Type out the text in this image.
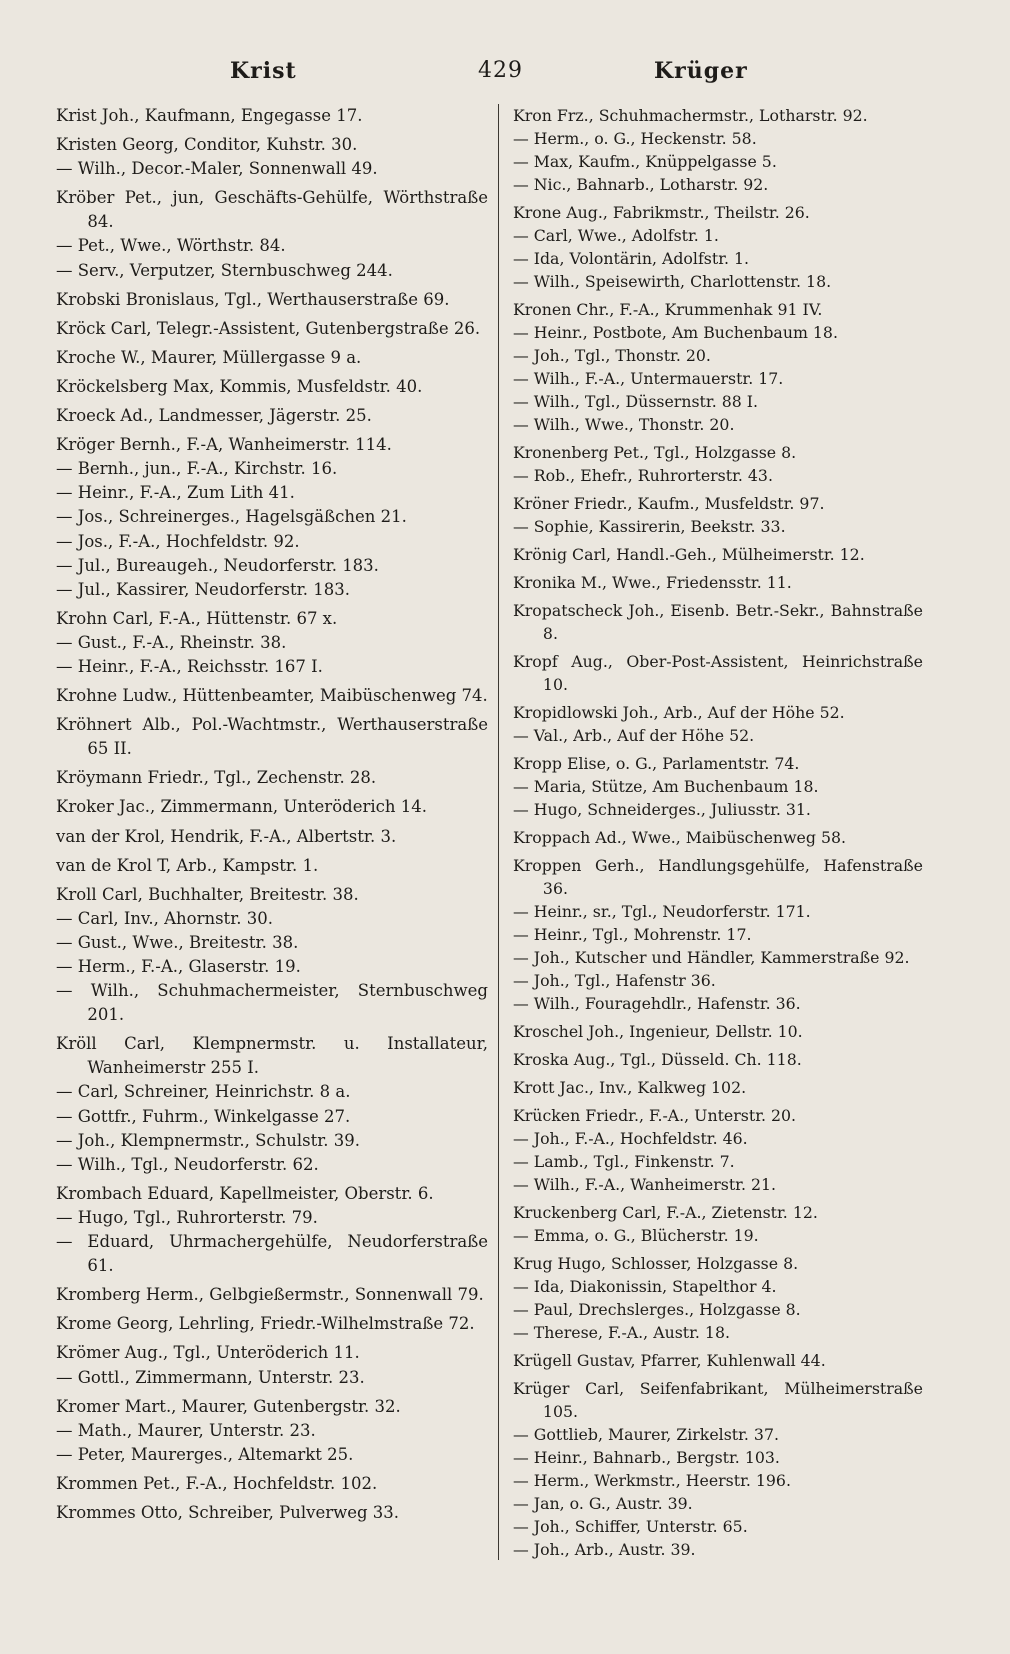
Krist	429	Krüger
Krist Joh., Kaufmann, Engegasse 17.
Kristen Georg, Conditor, Kuhstr. 30.
— Wilh., Decor.-Maler, Sonnenwall 49.
Kröber Pet., jun, Geschäfts-Gehülfe, Wörthstraße 84.
— Pet., Wwe., Wörthstr. 84.
— Serv., Verputzer, Sternbuschweg 244.
Krobski Bronislaus, Tgl., Werthauserstraße 69.
Kröck Carl, Telegr.-Assistent, Gutenbergstraße 26.
Kroche W., Maurer, Müllergasse 9 a.
Kröckelsberg Max, Kommis, Musfeldstr. 40.
Kroeck Ad., Landmesser, Jägerstr. 25.
Kröger Bernh., F.-A, Wanheimerstr. 114.
— Bernh., jun., F.-A., Kirchstr. 16.
— Heinr., F.-A., Zum Lith 41.
— Jos., Schreinerges., Hagelsgäßchen 21.
— Jos., F.-A., Hochfeldstr. 92.
— Jul., Bureaugeh., Neudorferstr. 183.
— Jul., Kassirer, Neudorferstr. 183.
Krohn Carl, F.-A., Hüttenstr. 67 x.
— Gust., F.-A., Rheinstr. 38.
— Heinr., F.-A., Reichsstr. 167 I.
Krohne Ludw., Hüttenbeamter, Maibüschenweg 74.
Kröhnert Alb., Pol.-Wachtmstr., Werthauserstraße 65 II.
Kröymann Friedr., Tgl., Zechenstr. 28.
Kroker Jac., Zimmermann, Unteröderich 14.
van der Krol, Hendrik, F.-A., Albertstr. 3.
van de Krol T, Arb., Kampstr. 1.
Kroll Carl, Buchhalter, Breitestr. 38.
— Carl, Inv., Ahornstr. 30.
— Gust., Wwe., Breitestr. 38.
— Herm., F.-A., Glaserstr. 19.
— Wilh., Schuhmachermeister, Sternbuschweg 201.
Kröll Carl, Klempnermstr. u. Installateur, Wanheimerstr 255 I.
— Carl, Schreiner, Heinrichstr. 8 a.
— Gottfr., Fuhrm., Winkelgasse 27.
— Joh., Klempnermstr., Schulstr. 39.
— Wilh., Tgl., Neudorferstr. 62.
Krombach Eduard, Kapellmeister, Oberstr. 6.
— Hugo, Tgl., Ruhrorterstr. 79.
— Eduard, Uhrmachergehülfe, Neudorferstraße 61.
Kromberg Herm., Gelbgießermstr., Sonnenwall 79.
Krome Georg, Lehrling, Friedr.-Wilhelmstraße 72.
Krömer Aug., Tgl., Unteröderich 11.
— Gottl., Zimmermann, Unterstr. 23.
Kromer Mart., Maurer, Gutenbergstr. 32.
— Math., Maurer, Unterstr. 23.
— Peter, Maurerges., Altemarkt 25.
Krommen Pet., F.-A., Hochfeldstr. 102.
Krommes Otto, Schreiber, Pulverweg 33.
Kron Frz., Schuhmachermstr., Lotharstr. 92.
— Herm., o. G., Heckenstr. 58.
— Max, Kaufm., Knüppelgasse 5.
— Nic., Bahnarb., Lotharstr. 92.
Krone Aug., Fabrikmstr., Theilstr. 26.
— Carl, Wwe., Adolfstr. 1.
— Ida, Volontärin, Adolfstr. 1.
— Wilh., Speisewirth, Charlottenstr. 18.
Kronen Chr., F.-A., Krummenhak 91 IV.
— Heinr., Postbote, Am Buchenbaum 18.
— Joh., Tgl., Thonstr. 20.
— Wilh., F.-A., Untermauerstr. 17.
— Wilh., Tgl., Düssernstr. 88 I.
— Wilh., Wwe., Thonstr. 20.
Kronenberg Pet., Tgl., Holzgasse 8.
— Rob., Ehefr., Ruhrorterstr. 43.
Kröner Friedr., Kaufm., Musfeldstr. 97.
— Sophie, Kassirerin, Beekstr. 33.
Krönig Carl, Handl.-Geh., Mülheimerstr. 12.
Kronika M., Wwe., Friedensstr. 11.
Kropatscheck Joh., Eisenb. Betr.-Sekr., Bahnstraße 8.
Kropf Aug., Ober-Post-Assistent, Heinrichstraße 10.
Kropidlowski Joh., Arb., Auf der Höhe 52.
— Val., Arb., Auf der Höhe 52.
Kropp Elise, o. G., Parlamentstr. 74.
— Maria, Stütze, Am Buchenbaum 18.
— Hugo, Schneiderges., Juliusstr. 31.
Kroppach Ad., Wwe., Maibüschenweg 58.
Kroppen Gerh., Handlungsgehülfe, Hafenstraße 36.
— Heinr., sr., Tgl., Neudorferstr. 171.
— Heinr., Tgl., Mohrenstr. 17.
— Joh., Kutscher und Händler, Kammerstraße 92.
— Joh., Tgl., Hafenstr 36.
— Wilh., Fouragehdlr., Hafenstr. 36.
Kroschel Joh., Ingenieur, Dellstr. 10.
Kroska Aug., Tgl., Düsseld. Ch. 118.
Krott Jac., Inv., Kalkweg 102.
Krücken Friedr., F.-A., Unterstr. 20.
— Joh., F.-A., Hochfeldstr. 46.
— Lamb., Tgl., Finkenstr. 7.
— Wilh., F.-A., Wanheimerstr. 21.
Kruckenberg Carl, F.-A., Zietenstr. 12.
— Emma, o. G., Blücherstr. 19.
Krug Hugo, Schlosser, Holzgasse 8.
— Ida, Diakonissin, Stapelthor 4.
— Paul, Drechslerges., Holzgasse 8.
— Therese, F.-A., Austr. 18.
Krügell Gustav, Pfarrer, Kuhlenwall 44.
Krüger Carl, Seifenfabrikant, Mülheimerstraße 105.
— Gottlieb, Maurer, Zirkelstr. 37.
— Heinr., Bahnarb., Bergstr. 103.
— Herm., Werkmstr., Heerstr. 196.
— Jan, o. G., Austr. 39.
— Joh., Schiffer, Unterstr. 65.
— Joh., Arb., Austr. 39.
